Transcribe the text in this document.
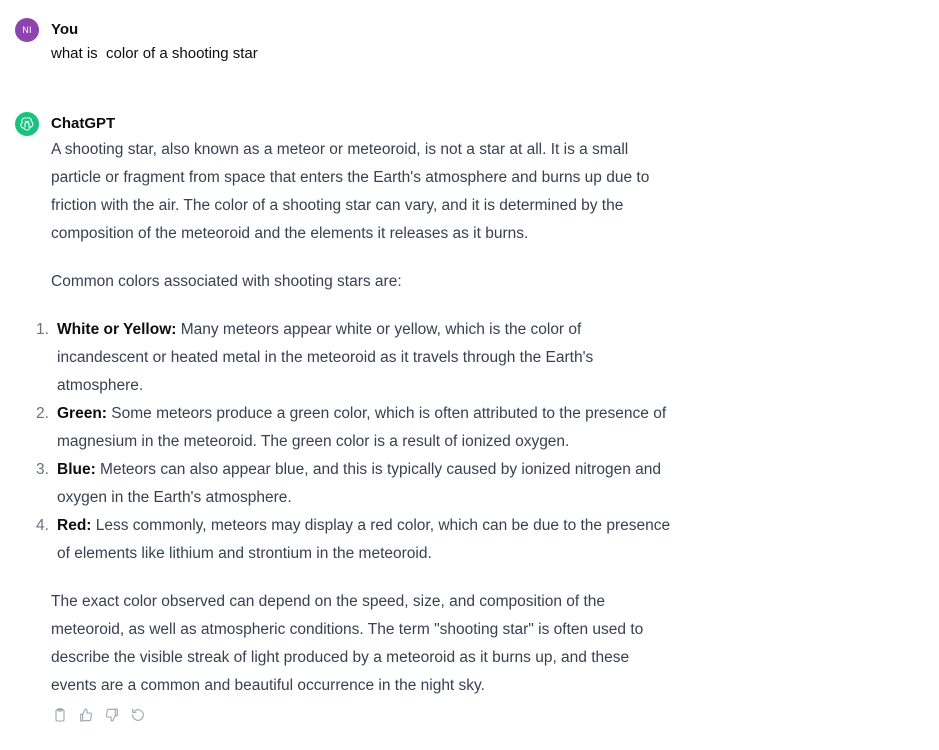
NI You
what is  color of a shooting star
ChatGPT

A shooting star, also known as a meteor or meteoroid, is not a star at all. It is a small particle or fragment from space that enters the Earth's atmosphere and burns up due to friction with the air. The color of a shooting star can vary, and it is determined by the composition of the meteoroid and the elements it releases as it burns.

Common colors associated with shooting stars are:

1. White or Yellow: Many meteors appear white or yellow, which is the color of incandescent or heated metal in the meteoroid as it travels through the Earth's atmosphere.
2. Green: Some meteors produce a green color, which is often attributed to the presence of magnesium in the meteoroid. The green color is a result of ionized oxygen.
3. Blue: Meteors can also appear blue, and this is typically caused by ionized nitrogen and oxygen in the Earth's atmosphere.
4. Red: Less commonly, meteors may display a red color, which can be due to the presence of elements like lithium and strontium in the meteoroid.

The exact color observed can depend on the speed, size, and composition of the meteoroid, as well as atmospheric conditions. The term "shooting star" is often used to describe the visible streak of light produced by a meteoroid as it burns up, and these events are a common and beautiful occurrence in the night sky.
